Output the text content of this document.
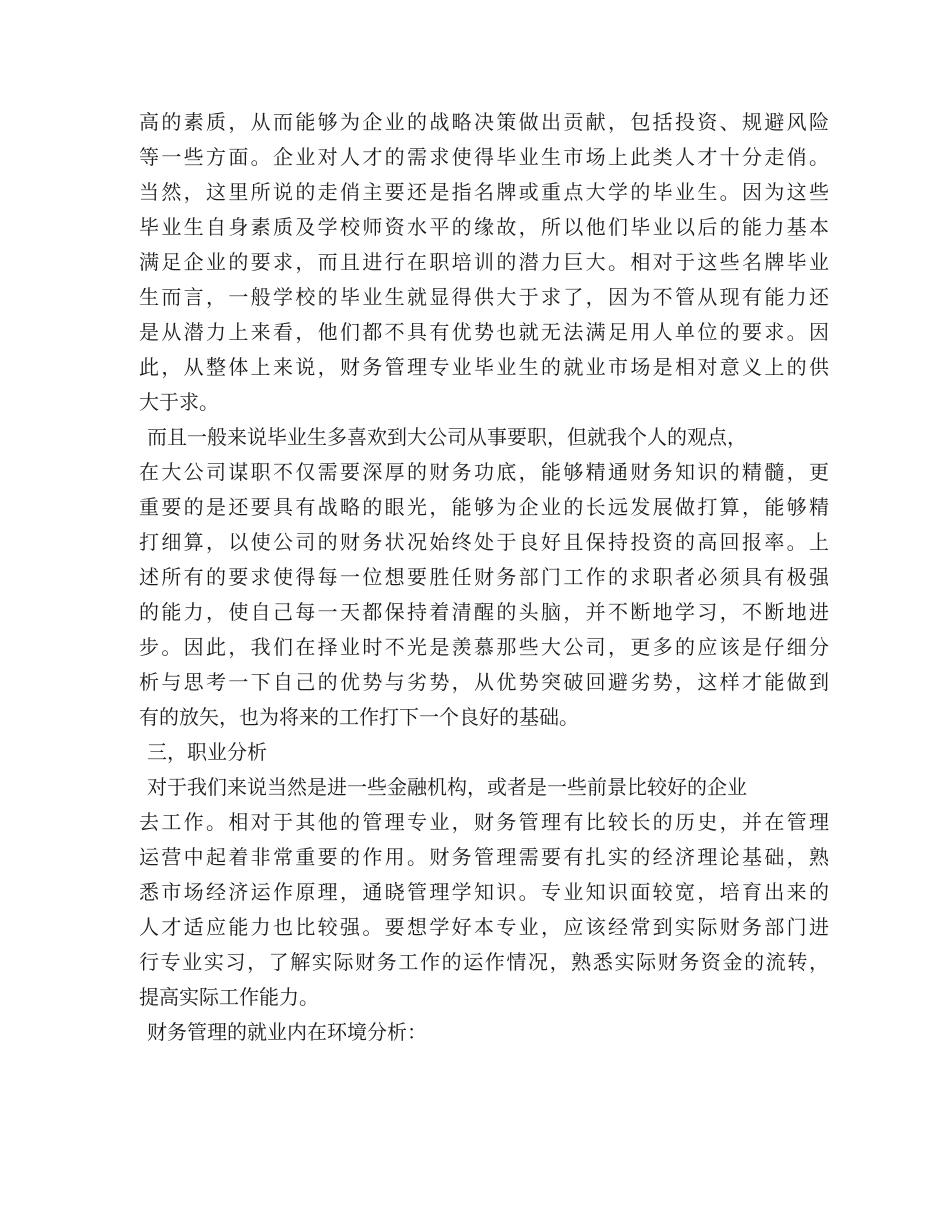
高的素质，从而能够为企业的战略决策做出贡献，包括投资、规避风险
等一些方面。企业对人才的需求使得毕业生市场上此类人才十分走俏。
当然，这里所说的走俏主要还是指名牌或重点大学的毕业生。因为这些
毕业生自身素质及学校师资水平的缘故，所以他们毕业以后的能力基本
满足企业的要求，而且进行在职培训的潜力巨大。相对于这些名牌毕业
生而言，一般学校的毕业生就显得供大于求了，因为不管从现有能力还
是从潜力上来看，他们都不具有优势也就无法满足用人单位的要求。因
此，从整体上来说，财务管理专业毕业生的就业市场是相对意义上的供
大于求。
而且一般来说毕业生多喜欢到大公司从事要职，但就我个人的观点，
在大公司谋职不仅需要深厚的财务功底，能够精通财务知识的精髓，更
重要的是还要具有战略的眼光，能够为企业的长远发展做打算，能够精
打细算，以使公司的财务状况始终处于良好且保持投资的高回报率。上
述所有的要求使得每一位想要胜任财务部门工作的求职者必须具有极强
的能力，使自己每一天都保持着清醒的头脑，并不断地学习，不断地进
步。因此，我们在择业时不光是羡慕那些大公司，更多的应该是仔细分
析与思考一下自己的优势与劣势，从优势突破回避劣势，这样才能做到
有的放矢，也为将来的工作打下一个良好的基础。
三，职业分析
对于我们来说当然是进一些金融机构，或者是一些前景比较好的企业
去工作。相对于其他的管理专业，财务管理有比较长的历史，并在管理
运营中起着非常重要的作用。财务管理需要有扎实的经济理论基础，熟
悉市场经济运作原理，通晓管理学知识。专业知识面较宽，培育出来的
人才适应能力也比较强。要想学好本专业，应该经常到实际财务部门进
行专业实习，了解实际财务工作的运作情况，熟悉实际财务资金的流转，
提高实际工作能力。
财务管理的就业内在环境分析：
